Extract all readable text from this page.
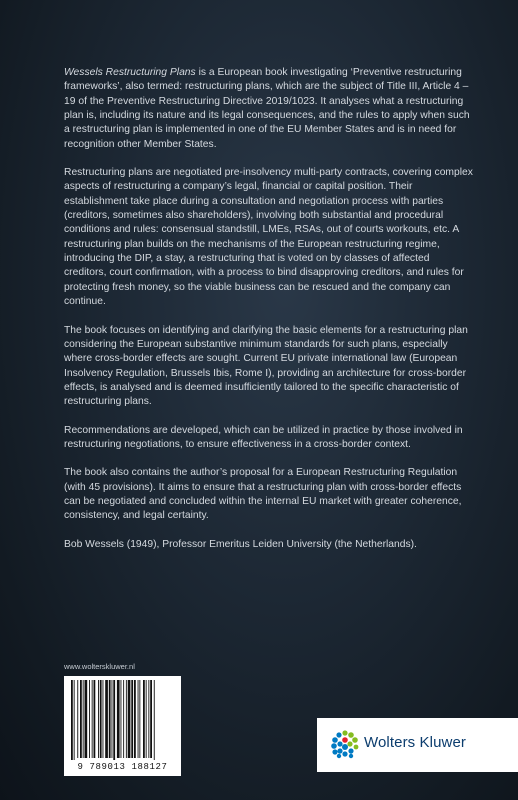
Wessels Restructuring Plans is a European book investigating ‘Preventive restructuring frameworks’, also termed: restructuring plans, which are the subject of Title III, Article 4 – 19 of the Preventive Restructuring Directive 2019/1023. It analyses what a restructuring plan is, including its nature and its legal consequences, and the rules to apply when such a restructuring plan is implemented in one of the EU Member States and is in need for recognition other Member States.

Restructuring plans are negotiated pre-insolvency multi-party contracts, covering complex aspects of restructuring a company’s legal, financial or capital position. Their establishment take place during a consultation and negotiation process with parties (creditors, sometimes also shareholders), involving both substantial and procedural conditions and rules: consensual standstill, LMEs, RSAs, out of courts workouts, etc. A restructuring plan builds on the mechanisms of the European restructuring regime, introducing the DIP, a stay, a restructuring that is voted on by classes of affected creditors, court confirmation, with a process to bind disapproving creditors, and rules for protecting fresh money, so the viable business can be rescued and the company can continue.

The book focuses on identifying and clarifying the basic elements for a restructuring plan considering the European substantive minimum standards for such plans, especially where cross-border effects are sought. Current EU private international law (European Insolvency Regulation, Brussels Ibis, Rome I), providing an architecture for cross-border effects, is analysed and is deemed insufficiently tailored to the specific characteristic of restructuring plans.

Recommendations are developed, which can be utilized in practice by those involved in restructuring negotiations, to ensure effectiveness in a cross-border context.

The book also contains the author’s proposal for a European Restructuring Regulation (with 45 provisions). It aims to ensure that a restructuring plan with cross-border effects can be negotiated and concluded within the internal EU market with greater coherence, consistency, and legal certainty.

Bob Wessels (1949), Professor Emeritus Leiden University (the Netherlands).

www.wolterskluwer.nl
9 789013 188127
Wolters Kluwer
